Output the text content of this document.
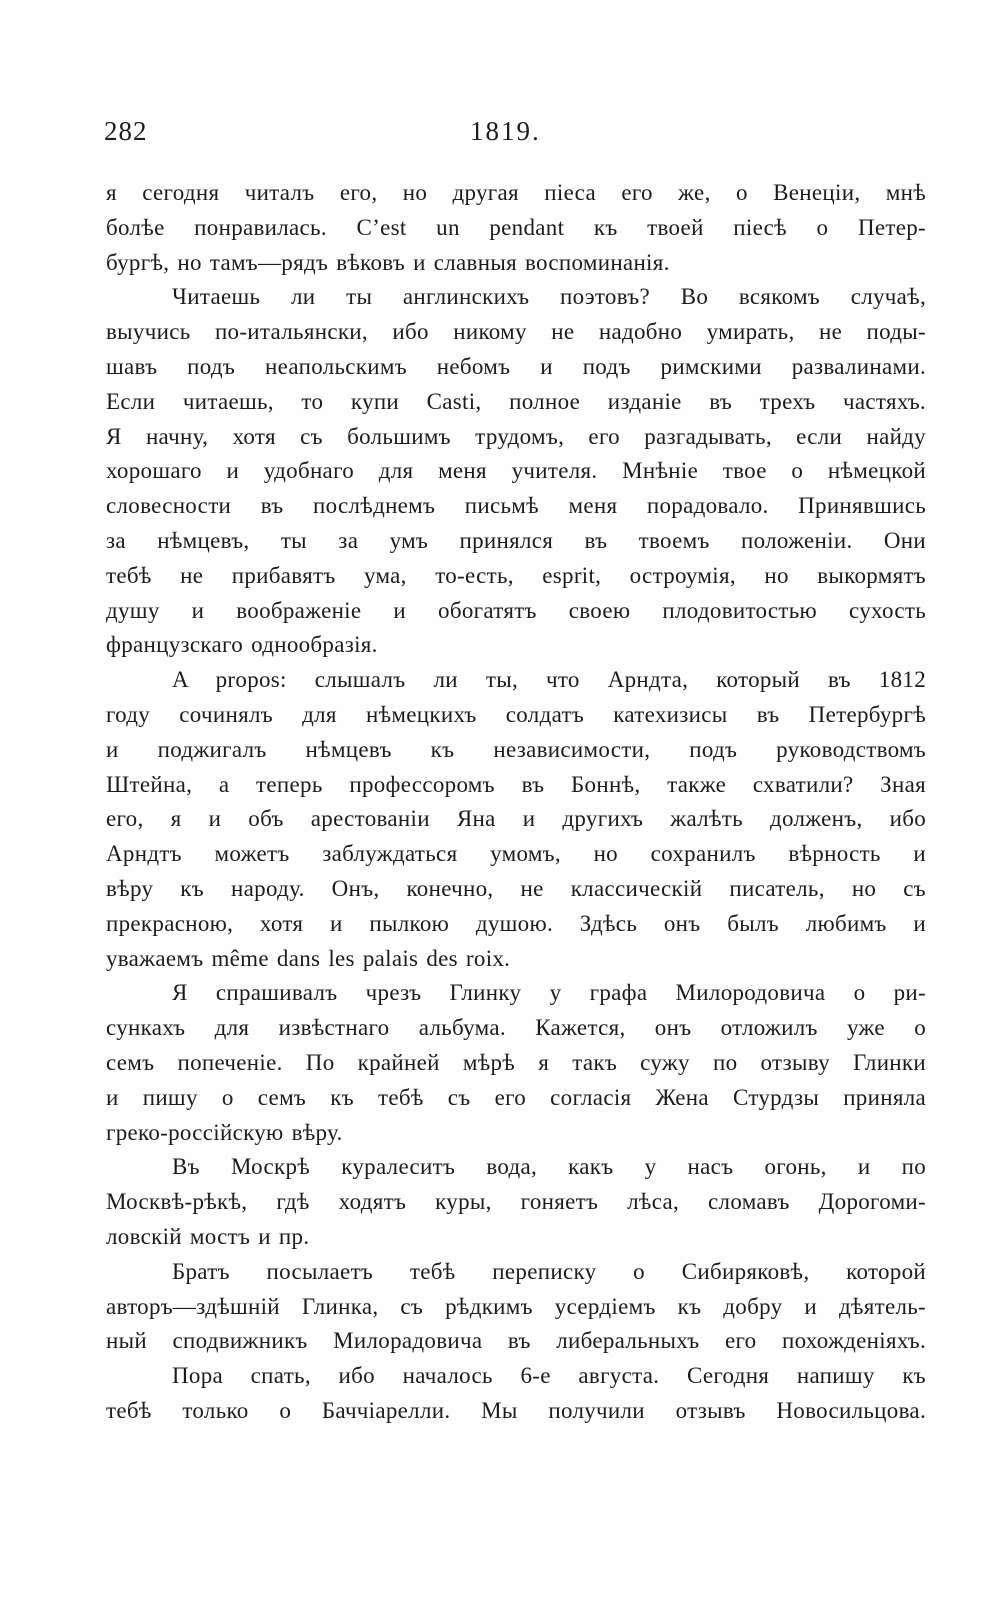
282	1819.

я сегодня читалъ его, но другая піеса его же, о Венеціи, мнѣ
болѣе понравилась. C’est un pendant къ твоей піесѣ о Петер-
бургѣ, но тамъ—рядъ вѣковъ и славныя воспоминанія.

Читаешь ли ты англинскихъ поэтовъ? Во всякомъ случаѣ,
выучись по-итальянски, ибо никому не надобно умирать, не поды-
шавъ подъ неапольскимъ небомъ и подъ римскими развалинами.
Если читаешь, то купи Casti, полное изданіе въ трехъ частяхъ.
Я начну, хотя съ большимъ трудомъ, его разгадывать, если найду
хорошаго и удобнаго для меня учителя. Мнѣніе твое о нѣмецкой
словесности въ послѣднемъ письмѣ меня порадовало. Принявшись
за нѣмцевъ, ты за умъ принялся въ твоемъ положеніи. Они
тебѣ не прибавятъ ума, то-есть, esprit, остроумія, но выкормятъ
душу и воображеніе и обогатятъ своею плодовитостью сухость
французскаго однообразія.

A propos: слышалъ ли ты, что Арндта, который въ 1812
году сочинялъ для нѣмецкихъ солдатъ катехизисы въ Петербургѣ
и поджигалъ нѣмцевъ къ независимости, подъ руководствомъ
Штейна, а теперь профессоромъ въ Боннѣ, также схватили? Зная
его, я и объ арестованіи Яна и другихъ жалѣть долженъ, ибо
Арндтъ можетъ заблуждаться умомъ, но сохранилъ вѣрность и
вѣру къ народу. Онъ, конечно, не классическій писатель, но съ
прекрасною, хотя и пылкою душою. Здѣсь онъ былъ любимъ и
уважаемъ même dans les palais des roix.

Я спрашивалъ чрезъ Глинку у графа Милородовича о ри-
сункахъ для извѣстнаго альбума. Кажется, онъ отложилъ уже о
семъ попеченіе. По крайней мѣрѣ я такъ сужу по отзыву Глинки
и пишу о семъ къ тебѣ съ его согласія Жена Стурдзы приняла
греко-россійскую вѣру.

Въ Москрѣ куралеситъ вода, какъ у насъ огонь, и по
Москвѣ-рѣкѣ, гдѣ ходятъ куры, гоняетъ лѣса, сломавъ Дорогоми-
ловскій мостъ и пр.

Братъ посылаетъ тебѣ переписку о Сибиряковѣ, которой
авторъ—здѣшній Глинка, съ рѣдкимъ усердіемъ къ добру и дѣятель-
ный сподвижникъ Милорадовича въ либеральныхъ его похожденіяхъ.

Пора спать, ибо началось 6-е августа. Сегодня напишу къ
тебѣ только о Баччіарелли. Мы получили отзывъ Новосильцова.
